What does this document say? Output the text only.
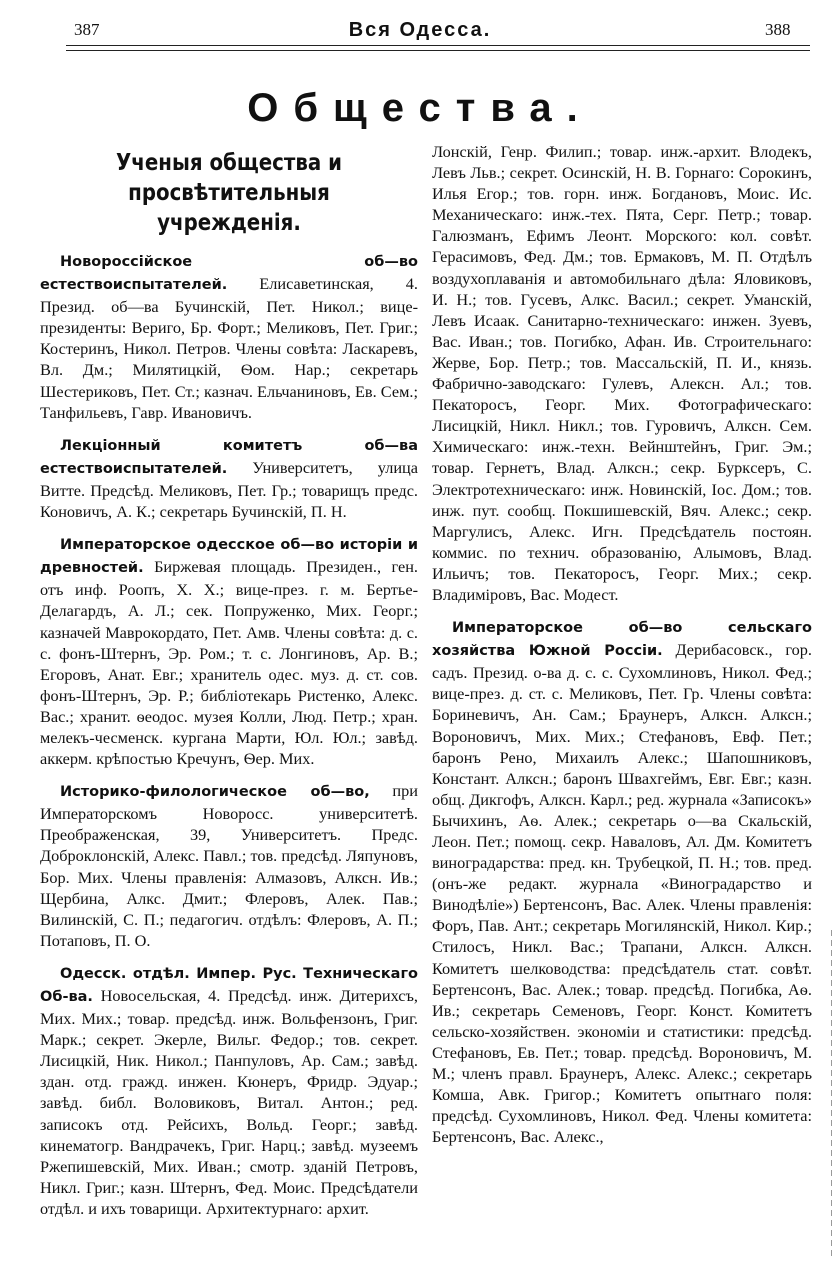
387	Вся Одесса.	388
Общества.
Ученыя общества и просвѣтительныя учрежденія.

Новороссійское об—во естествоиспытателей. Елисаветинская, 4. Презид. об—ва Бучинскій, Пет. Никол.; вице-президенты: Вериго, Бр. Форт.; Меликовъ, Пет. Григ.; Костеринъ, Никол. Петров. Члены совѣта: Ласкаревъ, Вл. Дм.; Милятицкій, Ѳом. Нар.; секретарь Шестериковъ, Пет. Ст.; казнач. Ельчаниновъ, Ев. Сем.; Танфильевъ, Гавр. Ивановичъ.

Лекціонный комитетъ об—ва естествоиспытателей. Университетъ, улица Витте. Предсѣд. Меликовъ, Пет. Гр.; товарищъ предс. Коновичъ, А. К.; секретарь Бучинскій, П. Н.

Императорское одесское об—во исторіи и древностей. Биржевая площадь. Президен., ген. отъ инф. Роопъ, Х. Х.; вице-през. г. м. Бертье-Делагардъ, А. Л.; сек. Попруженко, Мих. Георг.; казначей Маврокордато, Пет. Амв. Члены совѣта: д. с. с. фонъ-Штернъ, Эр. Ром.; т. с. Лонгиновъ, Ар. В.; Егоровъ, Анат. Евг.; хранитель одес. муз. д. ст. сов. фонъ-Штернъ, Эр. Р.; библіотекарь Ристенко, Алекс. Вас.; хранит. ѳеодос. музея Колли, Люд. Петр.; хран. мелекъ-чесменск. кургана Марти, Юл. Юл.; завѣд. аккерм. крѣпостью Кречунъ, Ѳер. Мих.

Историко-филологическое об—во, при Императорскомъ Новоросс. университетѣ. Преображенская, 39, Университетъ. Предс. Доброклонскій, Алекс. Павл.; тов. предсѣд. Ляпуновъ, Бор. Мих. Члены правленія: Алмазовъ, Алксн. Ив.; Щербина, Алкс. Дмит.; Флеровъ, Алек. Пав.; Вилинскій, С. П.; педагогич. отдѣлъ: Флеровъ, А. П.; Потаповъ, П. О.

Одесск. отдѣл. Импер. Рус. Техническаго Об-ва. Новосельская, 4. Предсѣд. инж. Дитерихсъ, Мих. Мих.; товар. предсѣд. инж. Вольфензонъ, Григ. Марк.; секрет. Экерле, Вильг. Федор.; тов. секрет. Лисицкій, Ник. Никол.; Панпуловъ, Ар. Сам.; завѣд. здан. отд. гражд. инжен. Кюнеръ, Фридр. Эдуар.; завѣд. библ. Воловиковъ, Витал. Антон.; ред. записокъ отд. Рейсихъ, Вольд. Георг.; завѣд. кинематогр. Вандрачекъ, Григ. Нарц.; завѣд. музеемъ Ржепишевскій, Мих. Иван.; смотр. зданій Петровъ, Никл. Григ.; казн. Штернъ, Фед. Моис. Предсѣдатели отдѣл. и ихъ товарищи. Архитектурнаго: архит.

Лонскій, Генр. Филип.; товар. инж.-архит. Влодекъ, Левъ Льв.; секрет. Осинскій, Н. В. Горнаго: Сорокинъ, Илья Егор.; тов. горн. инж. Богдановъ, Моис. Ис. Механическаго: инж.-тех. Пята, Серг. Петр.; товар. Галюзманъ, Ефимъ Леонт. Морского: кол. совѣт. Герасимовъ, Фед. Дм.; тов. Ермаковъ, М. П. Отдѣлъ воздухоплаванія и автомобильнаго дѣла: Яловиковъ, И. Н.; тов. Гусевъ, Алкс. Васил.; секрет. Уманскій, Левъ Исаак. Санитарно-техническаго: инжен. Зуевъ, Вас. Иван.; тов. Погибко, Афан. Ив. Строительнаго: Жерве, Бор. Петр.; тов. Массальскій, П. И., князь. Фабрично-заводскаго: Гулевъ, Алексн. Ал.; тов. Пекатоpосъ, Георг. Мих. Фотографическаго: Лисицкій, Никл. Никл.; тов. Гуровичъ, Алксн. Сем. Химическаго: инж.-техн. Вейнштейнъ, Григ. Эм.; товар. Гернетъ, Влад. Алксн.; секр. Буркcеръ, С. Электротехническаго: инж. Новинскій, Іос. Дом.; тов. инж. пут. сообщ. Покшишевскій, Вяч. Алекс.; секр. Маргулисъ, Алекс. Игн. Предсѣдатель постоян. коммис. по технич. образованію, Алымовъ, Влад. Ильичъ; тов. Пекаторосъ, Георг. Мих.; секр. Владиміровъ, Вас. Модест.

Императорское об—во сельскаго хозяйства Южной Россіи. Дерибасовск., гор. садъ. Презид. о-ва д. с. с. Сухомлиновъ, Никол. Фед.; вице-през. д. ст. с. Меликовъ, Пет. Гр. Члены совѣта: Бориневичъ, Ан. Сам.; Браунеръ, Алксн. Алксн.; Вороновичъ, Мих. Мих.; Стефановъ, Евф. Пет.; баронъ Рено, Михаилъ Алекс.; Шапошниковъ, Констант. Алксн.; баронъ Швахгеймъ, Евг. Евг.; казн. общ. Дикгофъ, Алксн. Карл.; ред. журнала «Записокъ» Бычихинъ, Аѳ. Алек.; секретарь о—ва Скальскій, Леон. Пет.; помощ. секр. Наваловъ, Ал. Дм. Комитетъ виноградарства: пред. кн. Трубецкой, П. Н.; тов. пред. (онъ-же редакт. журнала «Виноградарство и Винодѣліе») Бертенсонъ, Вас. Алек. Члены правленія: Форъ, Пав. Ант.; секретарь Могилянскій, Никол. Кир.; Стилосъ, Никл. Вас.; Трапани, Алксн. Алксн. Комитетъ шелководства: предсѣдатель стат. совѣт. Бертенсонъ, Вас. Алек.; товар. предсѣд. Погибка, Аѳ. Ив.; секретарь Семеновъ, Георг. Конст. Комитетъ сельско-хозяйствен. экономіи и статистики: предсѣд. Стефановъ, Ев. Пет.; товар. предсѣд. Вороновичъ, М. М.; членъ правл. Браунеръ, Алекс. Алекс.; секретарь Комша, Авк. Григор.; Комитетъ опытнаго поля: предсѣд. Сухомлиновъ, Никол. Фед. Члены комитета: Бертенсонъ, Вас. Алекс.,
